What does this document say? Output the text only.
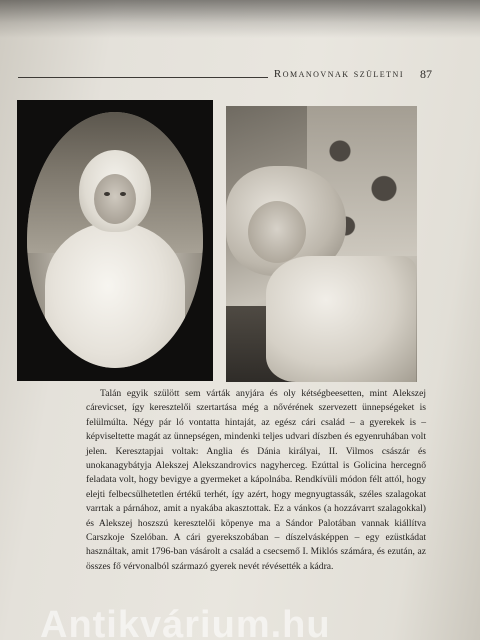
Romanovnak születni 87

Talán egyik szülött sem várták anyjára és oly kétségbeesetten, mint Alekszej cárevicset, így keresztelői szertartása még a nővérének szervezett ünnepségeket is felülmúlta. Négy pár ló vontatta hintaját, az egész cári család – a gyerekek is – képviseltette magát az ünnepségen, mindenki teljes udvari díszben és egyenruhában volt jelen. Keresztapjai voltak: Anglia és Dánia királyai, II. Vilmos császár és unokanagybátyja Alekszej Alekszandrovics nagyherceg. Ezúttal is Golicina hercegnő feladata volt, hogy bevigye a gyermeket a kápolnába. Rendkívüli módon félt attól, hogy elejti felbecsülhetetlen értékű terhét, így azért, hogy megnyugtassák, széles szalagokat varrtak a párnához, amit a nyakába akasztottak. Ez a vánkos (a hozzávarrt szalagokkal) és Alekszej hoszszú keresztelői köpenye ma a Sándor Palotában vannak kiállítva Carszkoje Szelóban. A cári gyerekszobában – díszelvásképpen – egy ezüstkádat használtak, amit 1796-ban vásárolt a család a csecsemő I. Miklós számára, és ezután, az összes fő vérvonalból származó gyerek nevét révésették a kádra.

Antikvárium.hu
